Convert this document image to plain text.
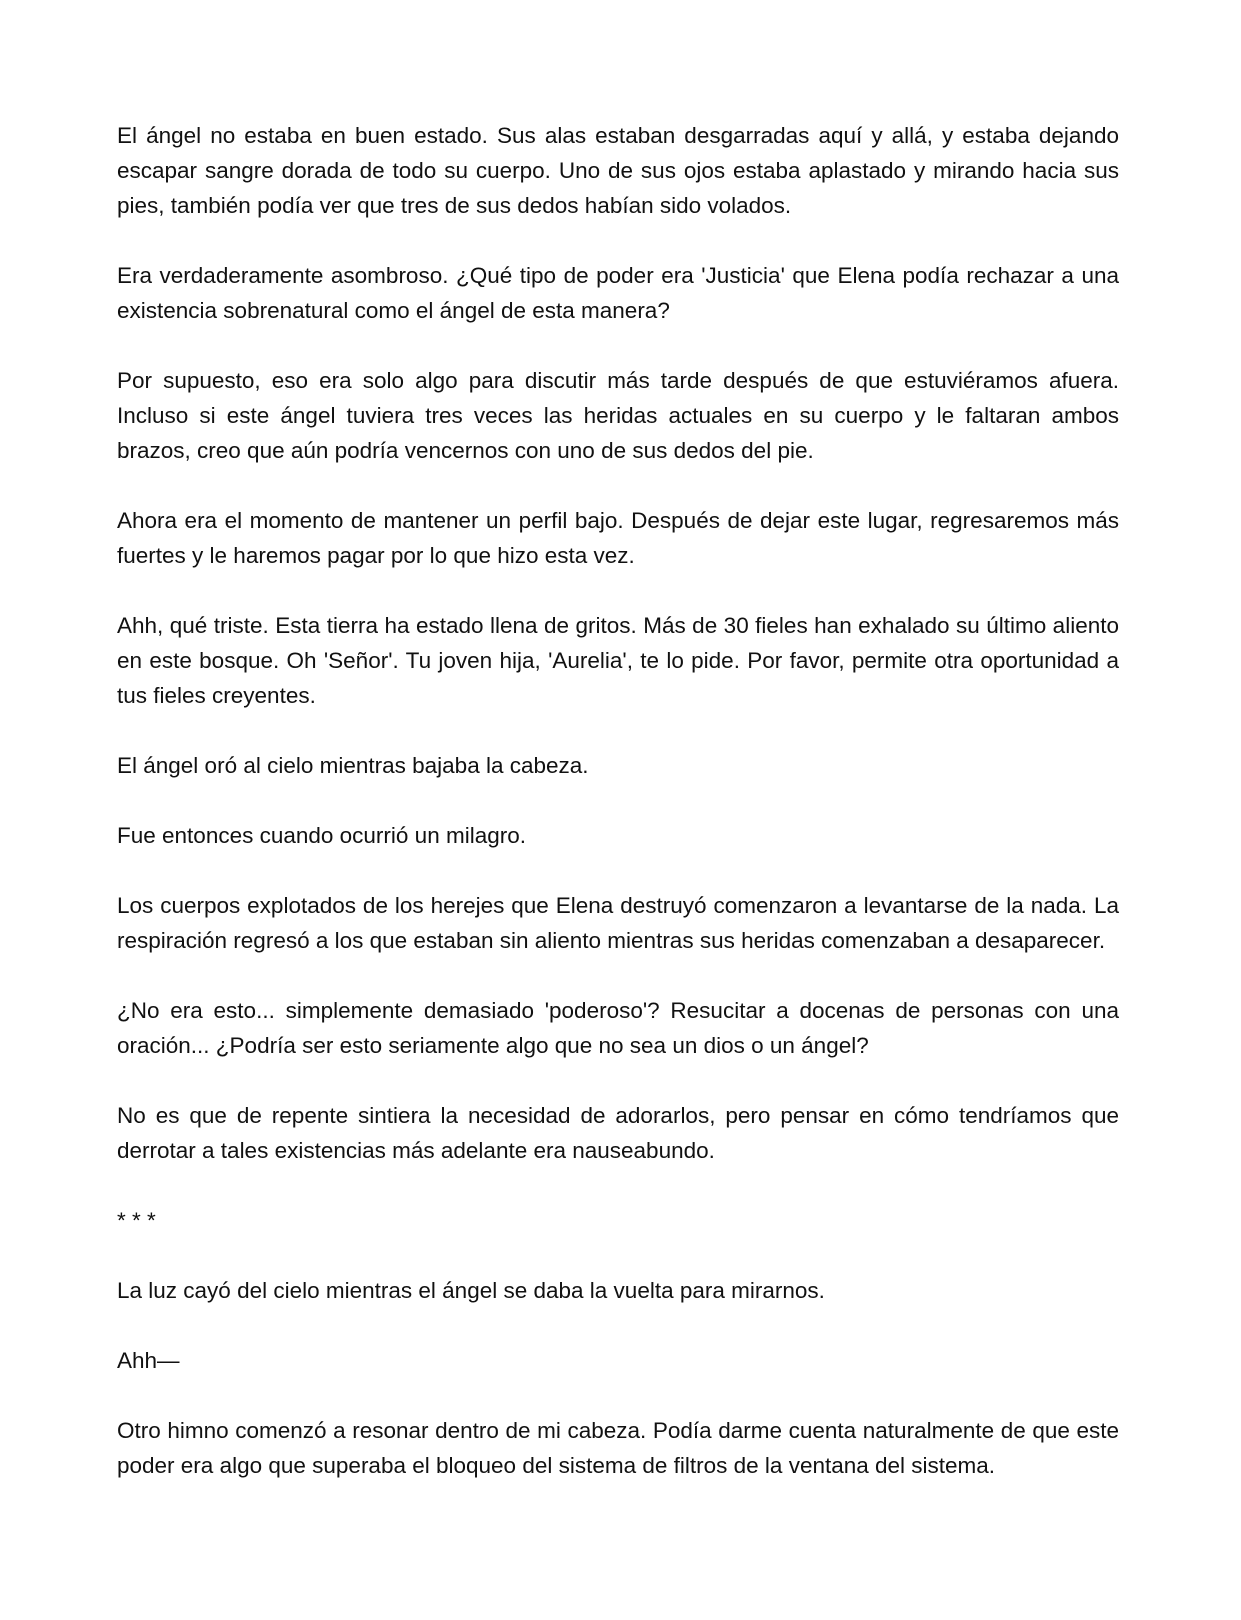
El ángel no estaba en buen estado. Sus alas estaban desgarradas aquí y allá, y estaba dejando escapar sangre dorada de todo su cuerpo. Uno de sus ojos estaba aplastado y mirando hacia sus pies, también podía ver que tres de sus dedos habían sido volados.

Era verdaderamente asombroso. ¿Qué tipo de poder era 'Justicia' que Elena podía rechazar a una existencia sobrenatural como el ángel de esta manera?

Por supuesto, eso era solo algo para discutir más tarde después de que estuviéramos afuera. Incluso si este ángel tuviera tres veces las heridas actuales en su cuerpo y le faltaran ambos brazos, creo que aún podría vencernos con uno de sus dedos del pie.

Ahora era el momento de mantener un perfil bajo. Después de dejar este lugar, regresaremos más fuertes y le haremos pagar por lo que hizo esta vez.

Ahh, qué triste. Esta tierra ha estado llena de gritos. Más de 30 fieles han exhalado su último aliento en este bosque. Oh 'Señor'. Tu joven hija, 'Aurelia', te lo pide. Por favor, permite otra oportunidad a tus fieles creyentes.

El ángel oró al cielo mientras bajaba la cabeza.

Fue entonces cuando ocurrió un milagro.

Los cuerpos explotados de los herejes que Elena destruyó comenzaron a levantarse de la nada. La respiración regresó a los que estaban sin aliento mientras sus heridas comenzaban a desaparecer.

¿No era esto... simplemente demasiado 'poderoso'? Resucitar a docenas de personas con una oración... ¿Podría ser esto seriamente algo que no sea un dios o un ángel?

No es que de repente sintiera la necesidad de adorarlos, pero pensar en cómo tendríamos que derrotar a tales existencias más adelante era nauseabundo.

* * *

La luz cayó del cielo mientras el ángel se daba la vuelta para mirarnos.

Ahh—

Otro himno comenzó a resonar dentro de mi cabeza. Podía darme cuenta naturalmente de que este poder era algo que superaba el bloqueo del sistema de filtros de la ventana del sistema.
